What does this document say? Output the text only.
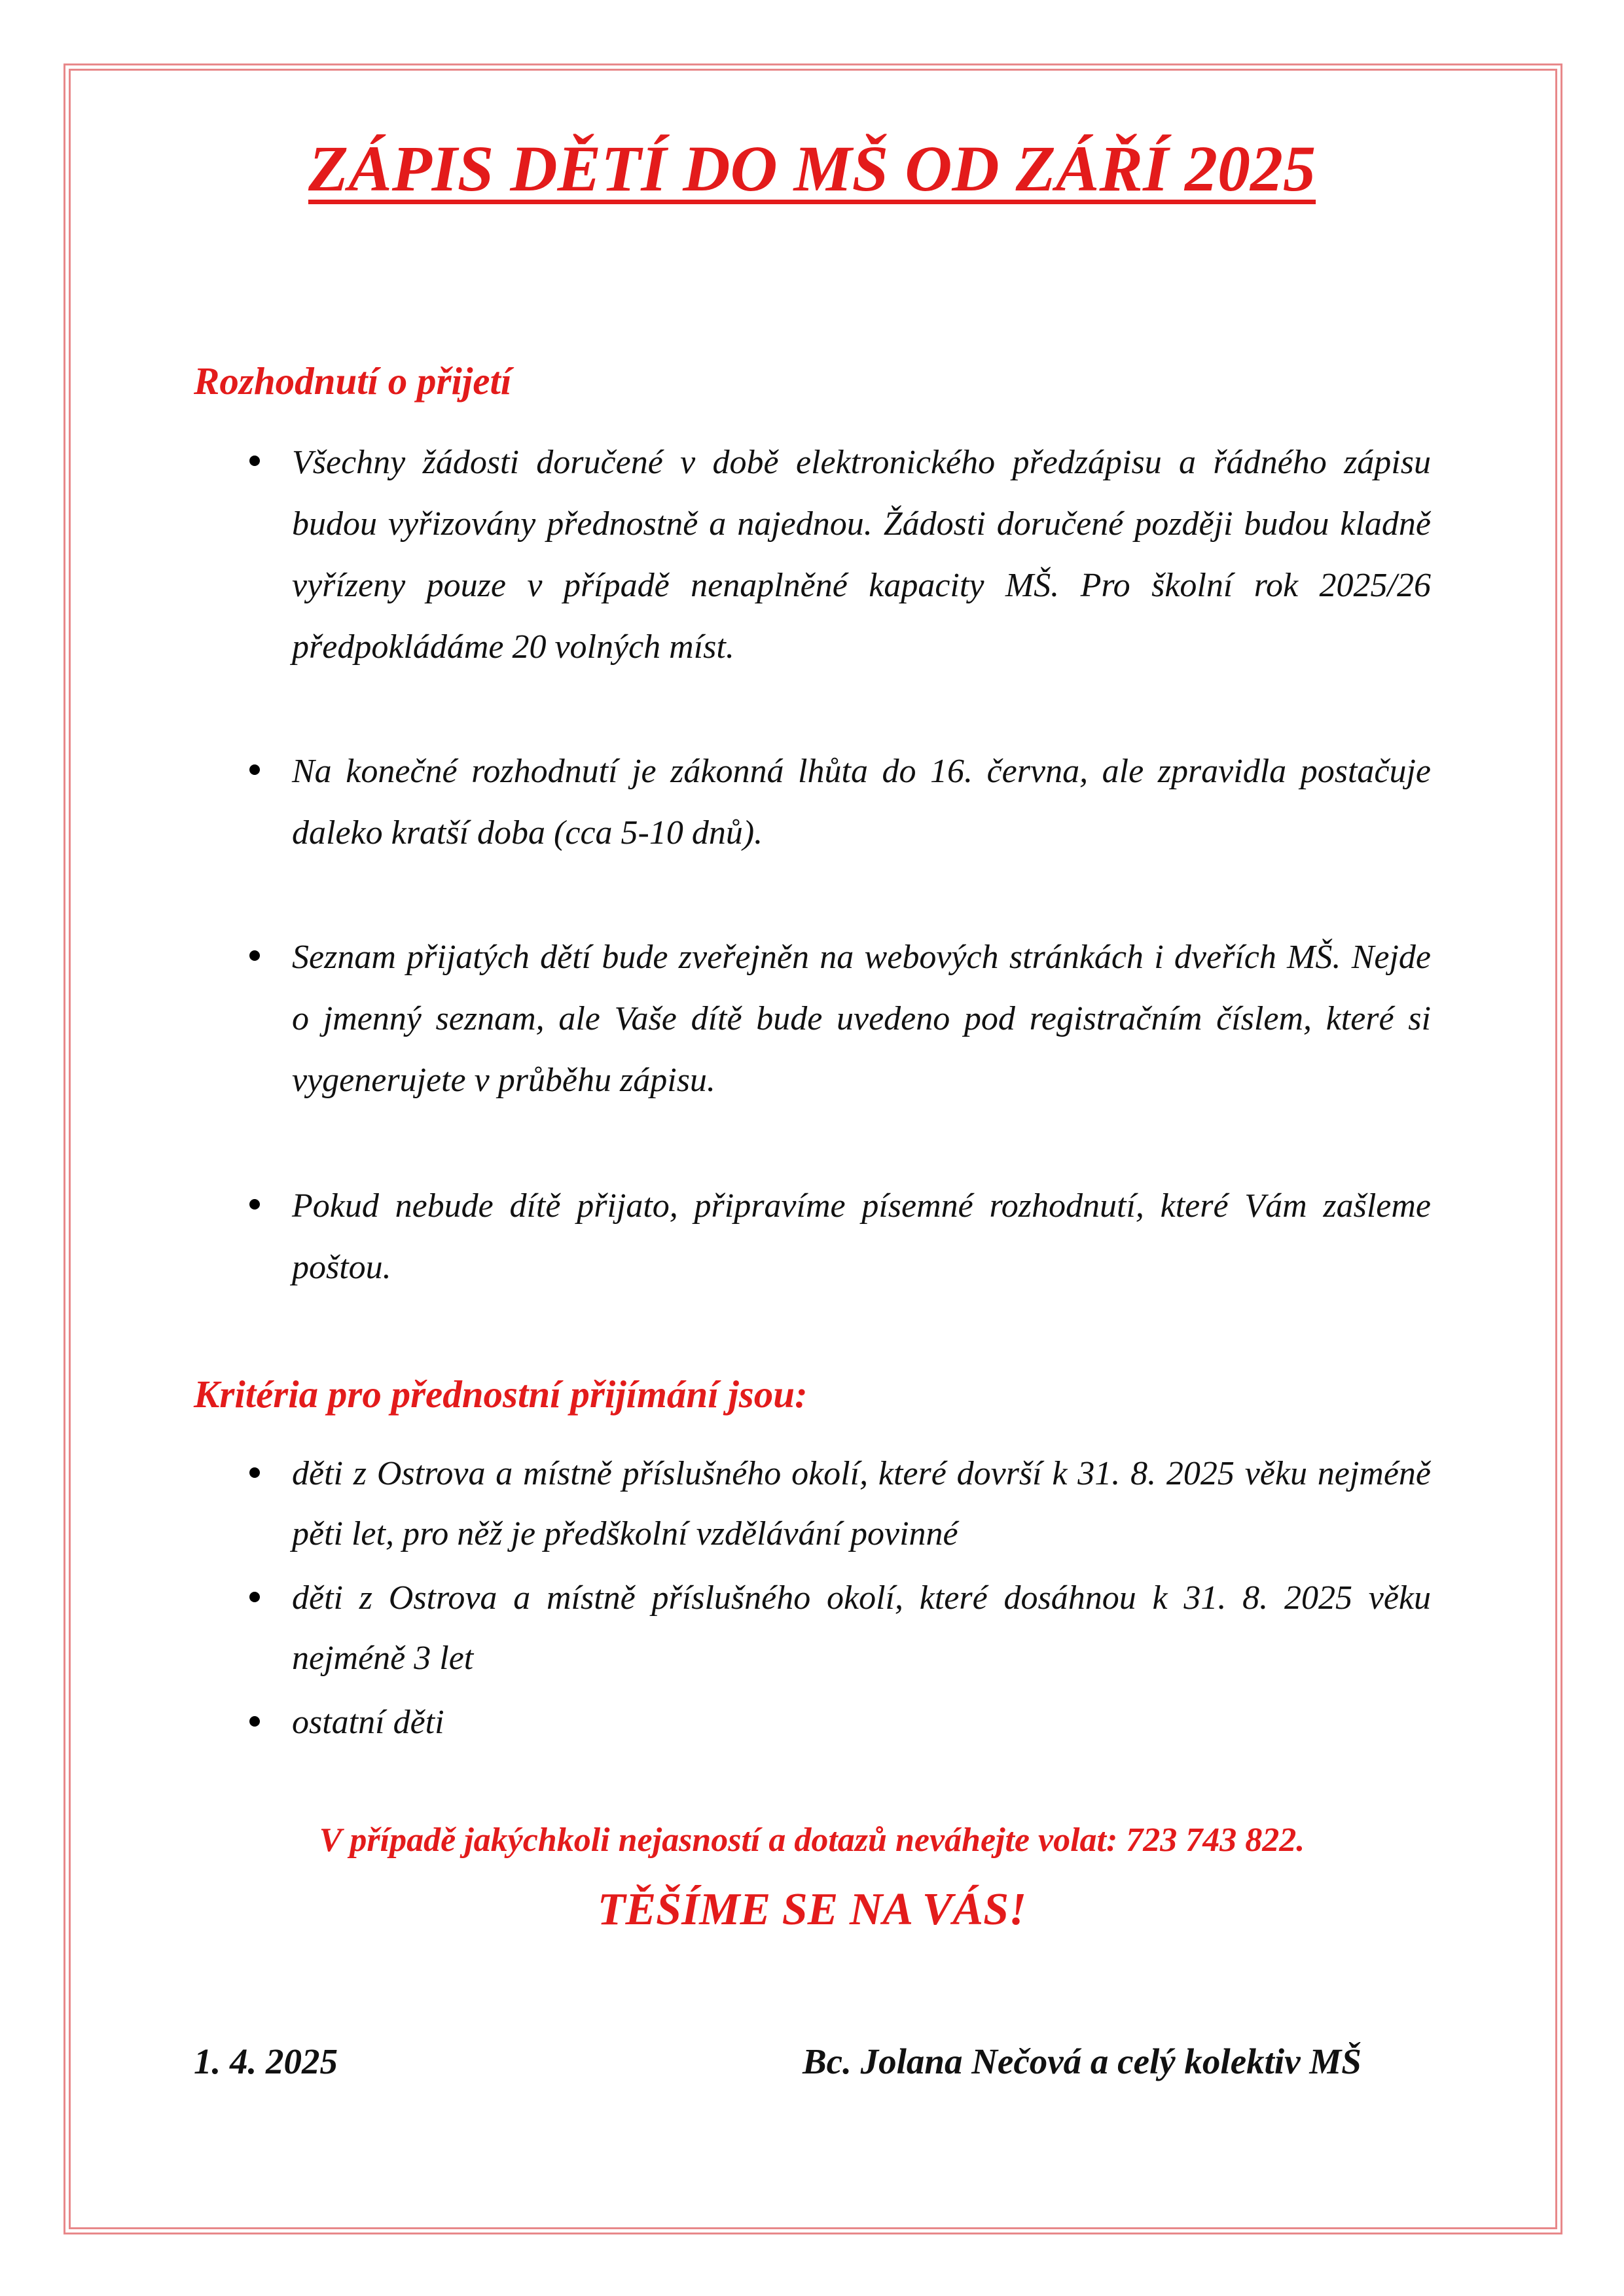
ZÁPIS DĚTÍ DO MŠ OD ZÁŘÍ 2025
Rozhodnutí o přijetí

Všechny žádosti doručené v době elektronického předzápisu a řádného zápisu budou vyřizovány přednostně a najednou. Žádosti doručené později budou kladně vyřízeny pouze v případě nenaplněné kapacity MŠ. Pro školní rok 2025/26 předpokládáme 20 volných míst.

Na konečné rozhodnutí je zákonná lhůta do 16. června, ale zpravidla postačuje daleko kratší doba (cca 5-10 dnů).

Seznam přijatých dětí bude zveřejněn na webových stránkách i dveřích MŠ. Nejde o jmenný seznam, ale Vaše dítě bude uvedeno pod registračním číslem, které si vygenerujete v průběhu zápisu.

Pokud nebude dítě přijato, připravíme písemné rozhodnutí, které Vám zašleme poštou.

Kritéria pro přednostní přijímání jsou:

děti z Ostrova a místně příslušného okolí, které dovrší k 31. 8. 2025 věku nejméně pěti let, pro něž je předškolní vzdělávání povinné

děti z Ostrova a místně příslušného okolí, které dosáhnou k 31. 8. 2025 věku nejméně 3 let

ostatní děti

V případě jakýchkoli nejasností a dotazů neváhejte volat: 723 743 822.

TĚŠÍME SE NA VÁS!

1. 4. 2025	Bc. Jolana Nečová a celý kolektiv MŠ
